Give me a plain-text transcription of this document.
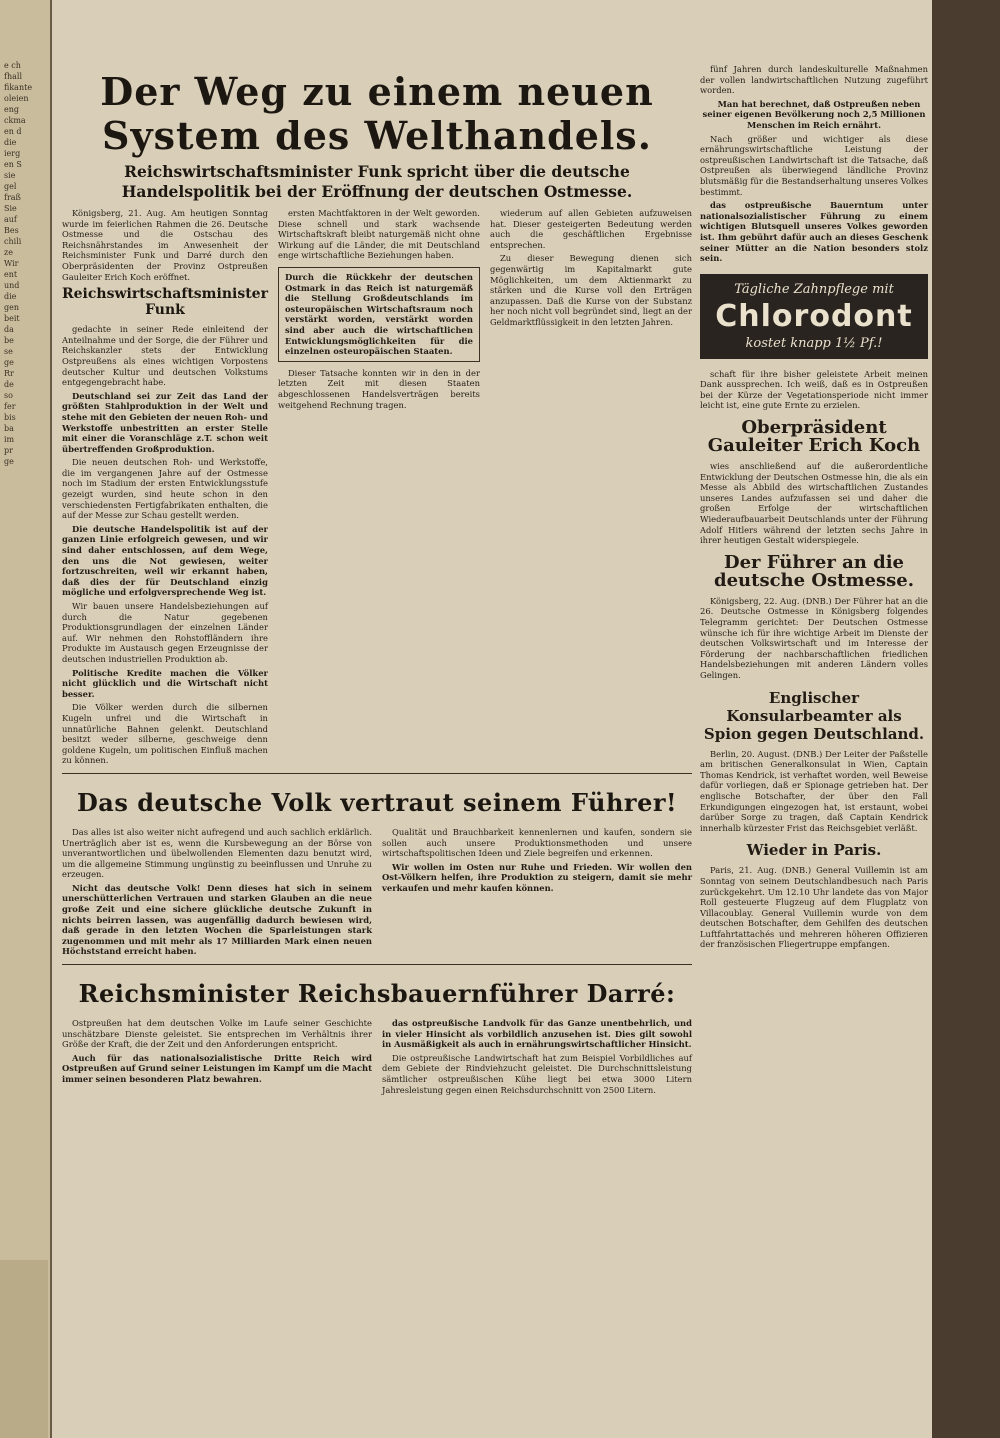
e ch
fhall
fikante
oleien
eng
ckma
en d
die
ierg
en S
sie
gel
fraß
Sie
auf
Bes
chili
ze
Wir
ent
und
die
gen
beit
da
be
se
ge
Rr
de
so
fer
bis
ba
im
pr
ge
Der Weg zu einem neuen System des Welthandels.
Reichswirtschaftsminister Funk spricht über die deutsche Handelspolitik bei der Eröffnung der deutschen Ostmesse.

Königsberg, 21. Aug. Am heutigen Sonntag wurde im feierlichen Rahmen die 26. Deutsche Ostmesse und die Ostschau des Reichsnährstandes im Anwesenheit der Reichsminister Funk und Darré durch den Oberpräsidenten der Provinz Ostpreußen Gauleiter Erich Koch eröffnet.

Reichswirtschaftsminister Funk

gedachte in seiner Rede einleitend der Anteilnahme und der Sorge, die der Führer und Reichskanzler stets der Entwicklung Ostpreußens als eines wichtigen Vorpostens deutscher Kultur und deutschen Volkstums entgegengebracht habe.

Deutschland sei zur Zeit das Land der größten Stahlproduktion in der Welt und stehe mit den Gebieten der neuen Roh- und Werkstoffe unbestritten an erster Stelle mit einer die Voranschläge z.T. schon weit übertreffenden Großproduktion.

Die neuen deutschen Roh- und Werkstoffe, die im vergangenen Jahre auf der Ostmesse noch im Stadium der ersten Entwicklungsstufe gezeigt wurden, sind heute schon in den verschiedensten Fertigfabrikaten enthalten, die auf der Messe zur Schau gestellt werden.

Die deutsche Handelspolitik ist auf der ganzen Linie erfolgreich gewesen, und wir sind daher entschlossen, auf dem Wege, den uns die Not gewiesen, weiter fortzuschreiten, weil wir erkannt haben, daß dies der für Deutschland einzig mögliche und erfolgversprechende Weg ist.

Wir bauen unsere Handelsbeziehungen auf durch die Natur gegebenen Produktionsgrundlagen der einzelnen Länder auf. Wir nehmen den Rohstoffländern ihre Produkte im Austausch gegen Erzeugnisse der deutschen industriellen Produktion ab.

Politische Kredite machen die Völker nicht glücklich und die Wirtschaft nicht besser.

Die Völker werden durch die silbernen Kugeln unfrei und die Wirtschaft in unnatürliche Bahnen gelenkt. Deutschland besitzt weder silberne, geschweige denn goldene Kugeln, um politischen Einfluß machen zu können.

ersten Machtfaktoren in der Welt geworden. Diese schnell und stark wachsende Wirtschaftskraft bleibt naturgemäß nicht ohne Wirkung auf die Länder, die mit Deutschland enge wirtschaftliche Beziehungen haben.

Durch die Rückkehr der deutschen Ostmark in das Reich ist naturgemäß die Stellung Großdeutschlands im osteuropäischen Wirtschaftsraum noch verstärkt worden, verstärkt worden sind aber auch die wirtschaftlichen Entwicklungsmöglichkeiten für die einzelnen osteuropäischen Staaten.

Dieser Tatsache konnten wir in den in der letzten Zeit mit diesen Staaten abgeschlossenen Handelsverträgen bereits weitgehend Rechnung tragen.

wiederum auf allen Gebieten aufzuweisen hat. Dieser gesteigerten Bedeutung werden auch die geschäftlichen Ergebnisse entsprechen.

Zu dieser Bewegung dienen sich gegenwärtig im Kapitalmarkt gute Möglichkeiten, um dem Aktienmarkt zu stärken und die Kurse voll den Erträgen anzupassen. Daß die Kurse von der Substanz her noch nicht voll begründet sind, liegt an der Geldmarktflüssigkeit in den letzten Jahren.

Das deutsche Volk vertraut seinem Führer!

Das alles ist also weiter nicht aufregend und auch sachlich erklärlich. Unerträglich aber ist es, wenn die Kursbewegung an der Börse von unverantwortlichen und übelwollenden Elementen dazu benutzt wird, um die allgemeine Stimmung ungünstig zu beeinflussen und Unruhe zu erzeugen.

Nicht das deutsche Volk! Denn dieses hat sich in seinem unerschütterlichen Vertrauen und starken Glauben an die neue große Zeit und eine sichere glückliche deutsche Zukunft in nichts beirren lassen, was augenfällig dadurch bewiesen wird, daß gerade in den letzten Wochen die Sparleistungen stark zugenommen und mit mehr als 17 Milliarden Mark einen neuen Höchststand erreicht haben.

Qualität und Brauchbarkeit kennenlernen und kaufen, sondern sie sollen auch unsere Produktionsmethoden und unsere wirtschaftspolitischen Ideen und Ziele begreifen und erkennen.

Wir wollen im Osten nur Ruhe und Frieden. Wir wollen den Ost-Völkern helfen, ihre Produktion zu steigern, damit sie mehr verkaufen und mehr kaufen können.

Reichsminister Reichsbauernführer Darré:

Ostpreußen hat dem deutschen Volke im Laufe seiner Geschichte unschätzbare Dienste geleistet. Sie entsprechen im Verhältnis ihrer Größe der Kraft, die der Zeit und den Anforderungen entspricht.

Auch für das nationalsozialistische Dritte Reich wird Ostpreußen auf Grund seiner Leistungen im Kampf um die Macht immer seinen besonderen Platz bewahren.

das ostpreußische Landvolk für das Ganze unentbehrlich, und in vieler Hinsicht als vorbildlich anzusehen ist. Dies gilt sowohl in Ausmäßigkeit als auch in ernährungswirtschaftlicher Hinsicht.

Die ostpreußische Landwirtschaft hat zum Beispiel Vorbildliches auf dem Gebiete der Rindviehzucht geleistet. Die Durchschnittsleistung sämtlicher ostpreußischen Kühe liegt bei etwa 3000 Litern Jahresleistung gegen einen Reichsdurchschnitt von 2500 Litern.

fünf Jahren durch landeskulturelle Maßnahmen der vollen landwirtschaftlichen Nutzung zugeführt worden.

Man hat berechnet, daß Ostpreußen neben seiner eigenen Bevölkerung noch 2,5 Millionen Menschen im Reich ernährt.

Nach größer und wichtiger als diese ernährungswirtschaftliche Leistung der ostpreußischen Landwirtschaft ist die Tatsache, daß Ostpreußen als überwiegend ländliche Provinz blutsmäßig für die Bestandserhaltung unseres Volkes bestimmt.

das ostpreußische Bauerntum unter nationalsozialistischer Führung zu einem wichtigen Blutsquell unseres Volkes geworden ist. Ihm gebührt dafür auch an dieses Geschenk seiner Mütter an die Nation besonders stolz sein.

Tägliche Zahnpflege mit
Chlorodont
kostet knapp 1½ Pf.!

schaft für ihre bisher geleistete Arbeit meinen Dank aussprechen. Ich weiß, daß es in Ostpreußen bei der Kürze der Vegetationsperiode nicht immer leicht ist, eine gute Ernte zu erzielen.

Oberpräsident Gauleiter Erich Koch

wies anschließend auf die außerordentliche Entwicklung der Deutschen Ostmesse hin, die als ein Messe als Abbild des wirtschaftlichen Zustandes unseres Landes aufzufassen sei und daher die großen Erfolge der wirtschaftlichen Wiederaufbauarbeit Deutschlands unter der Führung Adolf Hitlers während der letzten sechs Jahre in ihrer heutigen Gestalt widerspiegele.

Der Führer an die deutsche Ostmesse.

Königsberg, 22. Aug. (DNB.) Der Führer hat an die 26. Deutsche Ostmesse in Königsberg folgendes Telegramm gerichtet: Der Deutschen Ostmesse wünsche ich für ihre wichtige Arbeit im Dienste der deutschen Volkswirtschaft und im Interesse der Förderung der nachbarschaftlichen friedlichen Handelsbeziehungen mit anderen Ländern volles Gelingen.

Englischer Konsularbeamter als Spion gegen Deutschland.

Berlin, 20. August. (DNB.) Der Leiter der Paßstelle am britischen Generalkonsulat in Wien, Captain Thomas Kendrick, ist verhaftet worden, weil Beweise dafür vorliegen, daß er Spionage getrieben hat. Der englische Botschafter, der über den Fall Erkundigungen eingezogen hat, ist erstaunt, wobei darüber Sorge zu tragen, daß Captain Kendrick innerhalb kürzester Frist das Reichsgebiet verläßt.

Wieder in Paris.

Paris, 21. Aug. (DNB.) General Vuillemin ist am Sonntag von seinem Deutschlandbesuch nach Paris zurückgekehrt. Um 12.10 Uhr landete das von Major Roll gesteuerte Flugzeug auf dem Flugplatz von Villacoublay. General Vuillemin wurde von dem deutschen Botschafter, dem Gehilfen des deutschen Luftfahrtattachés und mehreren höheren Offizieren der französischen Fliegertruppe empfangen.
